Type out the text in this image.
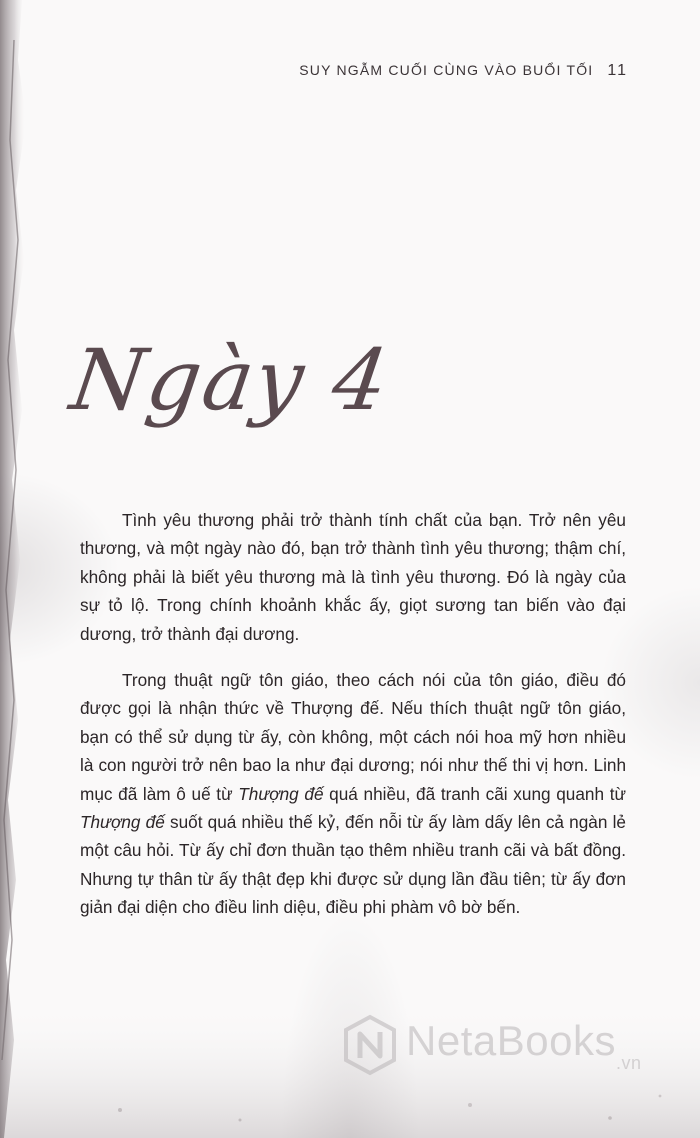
SUY NGẪM CUỐI CÙNG VÀO BUỔI TỐI 11
Ngày 4

Tình yêu thương phải trở thành tính chất của bạn. Trở nên yêu thương, và một ngày nào đó, bạn trở thành tình yêu thương; thậm chí, không phải là biết yêu thương mà là tình yêu thương. Đó là ngày của sự tỏ lộ. Trong chính khoảnh khắc ấy, giọt sương tan biến vào đại dương, trở thành đại dương.

Trong thuật ngữ tôn giáo, theo cách nói của tôn giáo, điều đó được gọi là nhận thức về Thượng đế. Nếu thích thuật ngữ tôn giáo, bạn có thể sử dụng từ ấy, còn không, một cách nói hoa mỹ hơn nhiều là con người trở nên bao la như đại dương; nói như thế thi vị hơn. Linh mục đã làm ô uế từ Thượng đế quá nhiều, đã tranh cãi xung quanh từ Thượng đế suốt quá nhiều thế kỷ, đến nỗi từ ấy làm dấy lên cả ngàn lẻ một câu hỏi. Từ ấy chỉ đơn thuần tạo thêm nhiều tranh cãi và bất đồng. Nhưng tự thân từ ấy thật đẹp khi được sử dụng lần đầu tiên; từ ấy đơn giản đại diện cho điều linh diệu, điều phi phàm vô bờ bến.

NetaBooks$_{.vn}$
